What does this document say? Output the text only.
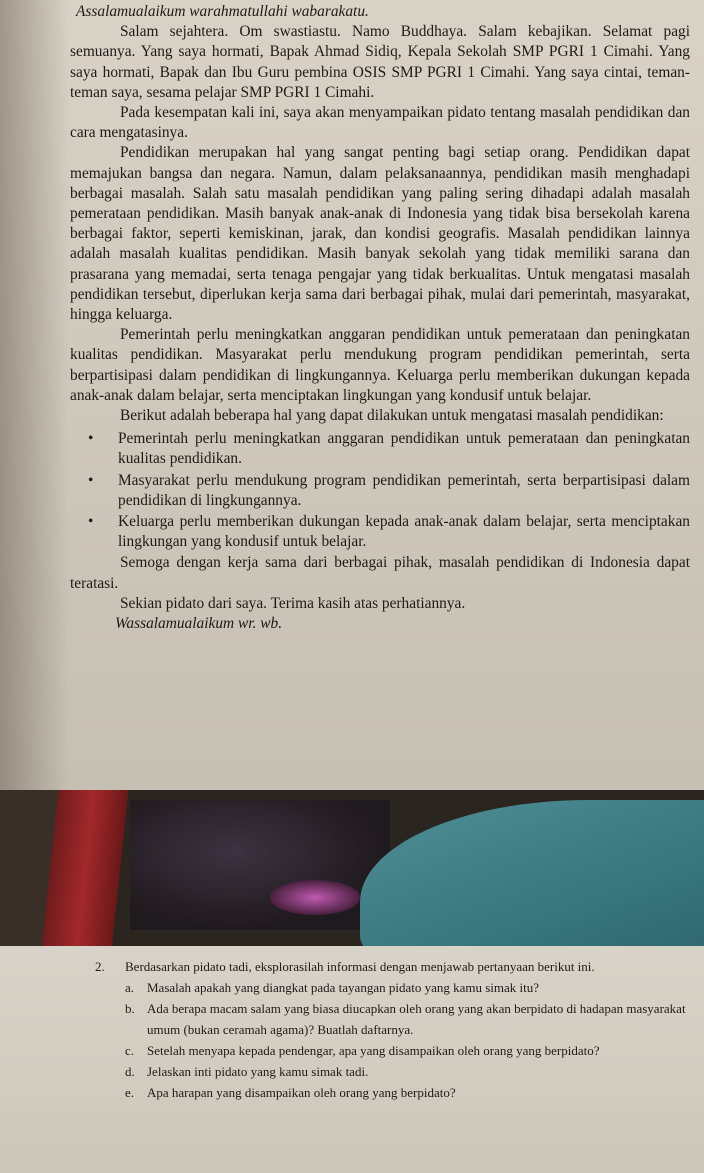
Assalamualaikum warahmatullahi wabarakatu.

Salam sejahtera. Om swastiastu. Namo Buddhaya. Salam kebajikan. Selamat pagi semuanya. Yang saya hormati, Bapak Ahmad Sidiq, Kepala Sekolah SMP PGRI 1 Cimahi. Yang saya hormati, Bapak dan Ibu Guru pembina OSIS SMP PGRI 1 Cimahi. Yang saya cintai, teman-teman saya, sesama pelajar SMP PGRI 1 Cimahi.

Pada kesempatan kali ini, saya akan menyampaikan pidato tentang masalah pendidikan dan cara mengatasinya.

Pendidikan merupakan hal yang sangat penting bagi setiap orang. Pendidikan dapat memajukan bangsa dan negara. Namun, dalam pelaksanaannya, pendidikan masih menghadapi berbagai masalah. Salah satu masalah pendidikan yang paling sering dihadapi adalah masalah pemerataan pendidikan. Masih banyak anak-anak di Indonesia yang tidak bisa bersekolah karena berbagai faktor, seperti kemiskinan, jarak, dan kondisi geografis. Masalah pendidikan lainnya adalah masalah kualitas pendidikan. Masih banyak sekolah yang tidak memiliki sarana dan prasarana yang memadai, serta tenaga pengajar yang tidak berkualitas. Untuk mengatasi masalah pendidikan tersebut, diperlukan kerja sama dari berbagai pihak, mulai dari pemerintah, masyarakat, hingga keluarga.

Pemerintah perlu meningkatkan anggaran pendidikan untuk pemerataan dan peningkatan kualitas pendidikan. Masyarakat perlu mendukung program pendidikan pemerintah, serta berpartisipasi dalam pendidikan di lingkungannya. Keluarga perlu memberikan dukungan kepada anak-anak dalam belajar, serta menciptakan lingkungan yang kondusif untuk belajar.

Berikut adalah beberapa hal yang dapat dilakukan untuk mengatasi masalah pendidikan:

• Pemerintah perlu meningkatkan anggaran pendidikan untuk pemerataan dan peningkatan kualitas pendidikan.
• Masyarakat perlu mendukung program pendidikan pemerintah, serta berpartisipasi dalam pendidikan di lingkungannya.
• Keluarga perlu memberikan dukungan kepada anak-anak dalam belajar, serta menciptakan lingkungan yang kondusif untuk belajar.

Semoga dengan kerja sama dari berbagai pihak, masalah pendidikan di Indonesia dapat teratasi.

Sekian pidato dari saya. Terima kasih atas perhatiannya.

Wassalamualaikum wr. wb.

2. Berdasarkan pidato tadi, eksplorasilah informasi dengan menjawab pertanyaan berikut ini.
a. Masalah apakah yang diangkat pada tayangan pidato yang kamu simak itu?
b. Ada berapa macam salam yang biasa diucapkan oleh orang yang akan berpidato di hadapan masyarakat umum (bukan ceramah agama)? Buatlah daftarnya.
c. Setelah menyapa kepada pendengar, apa yang disampaikan oleh orang yang berpidato?
d. Jelaskan inti pidato yang kamu simak tadi.
e. Apa harapan yang disampaikan oleh orang yang berpidato?
